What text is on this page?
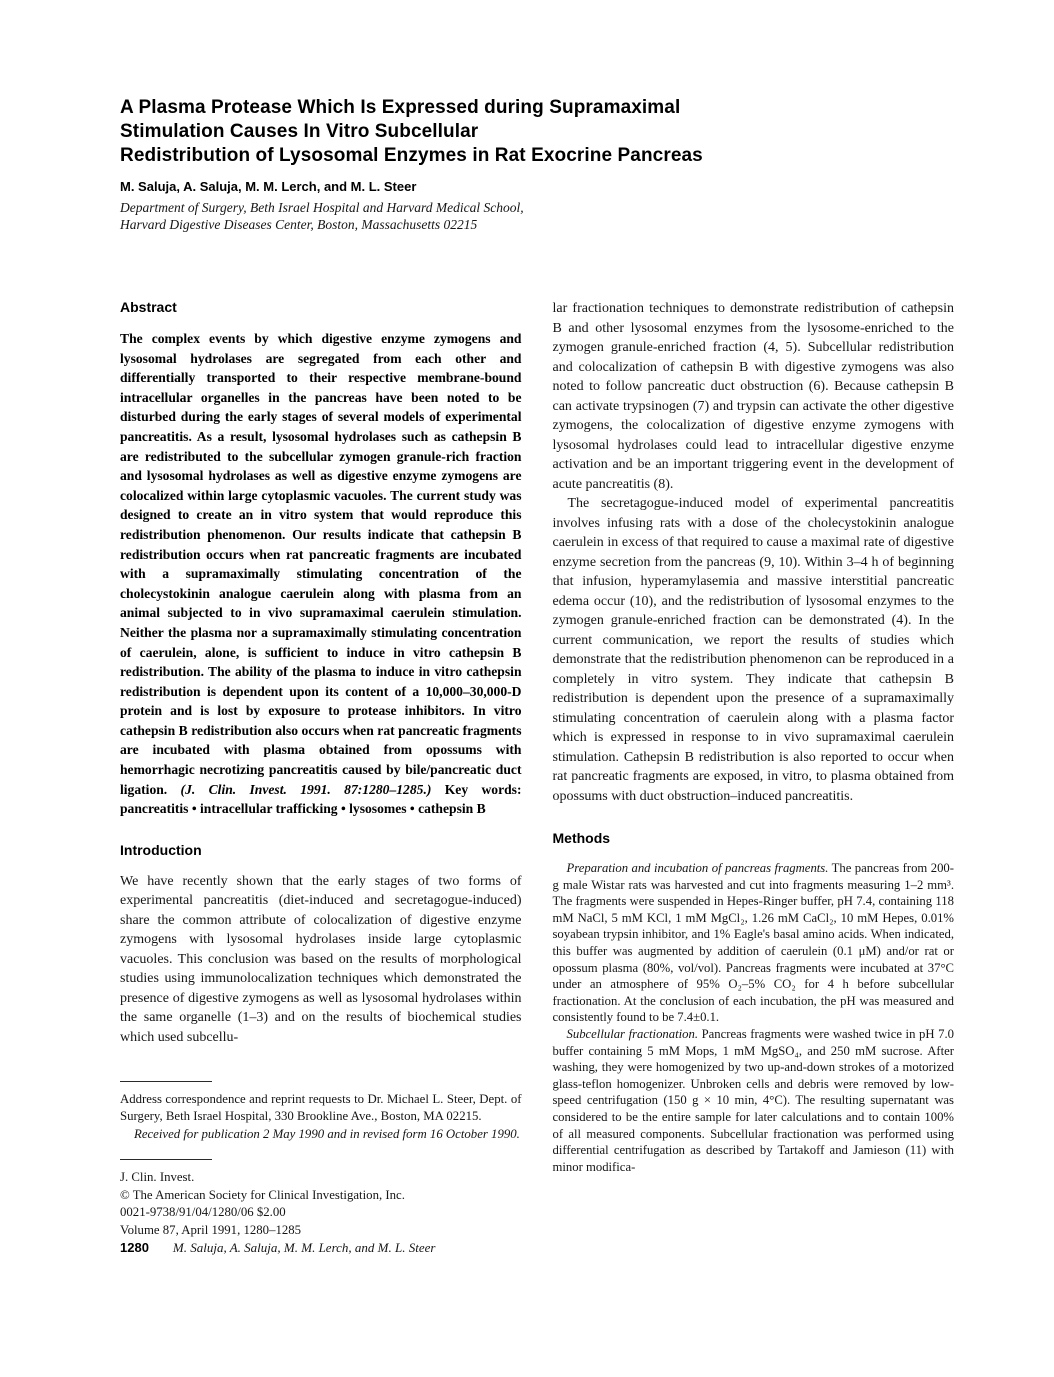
A Plasma Protease Which Is Expressed during Supramaximal
Stimulation Causes In Vitro Subcellular
Redistribution of Lysosomal Enzymes in Rat Exocrine Pancreas
M. Saluja, A. Saluja, M. M. Lerch, and M. L. Steer
Department of Surgery, Beth Israel Hospital and Harvard Medical School,
Harvard Digestive Diseases Center, Boston, Massachusetts 02215
Abstract

The complex events by which digestive enzyme zymogens and lysosomal hydrolases are segregated from each other and differentially transported to their respective membrane-bound intracellular organelles in the pancreas have been noted to be disturbed during the early stages of several models of experimental pancreatitis. As a result, lysosomal hydrolases such as cathepsin B are redistributed to the subcellular zymogen granule-rich fraction and lysosomal hydrolases as well as digestive enzyme zymogens are colocalized within large cytoplasmic vacuoles. The current study was designed to create an in vitro system that would reproduce this redistribution phenomenon. Our results indicate that cathepsin B redistribution occurs when rat pancreatic fragments are incubated with a supramaximally stimulating concentration of the cholecystokinin analogue caerulein along with plasma from an animal subjected to in vivo supramaximal caerulein stimulation. Neither the plasma nor a supramaximally stimulating concentration of caerulein, alone, is sufficient to induce in vitro cathepsin B redistribution. The ability of the plasma to induce in vitro cathepsin redistribution is dependent upon its content of a 10,000–30,000-D protein and is lost by exposure to protease inhibitors. In vitro cathepsin B redistribution also occurs when rat pancreatic fragments are incubated with plasma obtained from opossums with hemorrhagic necrotizing pancreatitis caused by bile/pancreatic duct ligation. (J. Clin. Invest. 1991. 87:1280–1285.) Key words: pancreatitis • intracellular trafficking • lysosomes • cathepsin B

Introduction

We have recently shown that the early stages of two forms of experimental pancreatitis (diet-induced and secretagogue-induced) share the common attribute of colocalization of digestive enzyme zymogens with lysosomal hydrolases inside large cytoplasmic vacuoles. This conclusion was based on the results of morphological studies using immunolocalization techniques which demonstrated the presence of digestive zymogens as well as lysosomal hydrolases within the same organelle (1–3) and on the results of biochemical studies which used subcellu-

Address correspondence and reprint requests to Dr. Michael L. Steer, Dept. of Surgery, Beth Israel Hospital, 330 Brookline Ave., Boston, MA 02215.

Received for publication 2 May 1990 and in revised form 16 October 1990.

J. Clin. Invest.
© The American Society for Clinical Investigation, Inc.
0021-9738/91/04/1280/06 $2.00
Volume 87, April 1991, 1280–1285

lar fractionation techniques to demonstrate redistribution of cathepsin B and other lysosomal enzymes from the lysosome-enriched to the zymogen granule-enriched fraction (4, 5). Subcellular redistribution and colocalization of cathepsin B with digestive zymogens was also noted to follow pancreatic duct obstruction (6). Because cathepsin B can activate trypsinogen (7) and trypsin can activate the other digestive zymogens, the colocalization of digestive enzyme zymogens with lysosomal hydrolases could lead to intracellular digestive enzyme activation and be an important triggering event in the development of acute pancreatitis (8).

The secretagogue-induced model of experimental pancreatitis involves infusing rats with a dose of the cholecystokinin analogue caerulein in excess of that required to cause a maximal rate of digestive enzyme secretion from the pancreas (9, 10). Within 3–4 h of beginning that infusion, hyperamylasemia and massive interstitial pancreatic edema occur (10), and the redistribution of lysosomal enzymes to the zymogen granule-enriched fraction can be demonstrated (4). In the current communication, we report the results of studies which demonstrate that the redistribution phenomenon can be reproduced in a completely in vitro system. They indicate that cathepsin B redistribution is dependent upon the presence of a supramaximally stimulating concentration of caerulein along with a plasma factor which is expressed in response to in vivo supramaximal caerulein stimulation. Cathepsin B redistribution is also reported to occur when rat pancreatic fragments are exposed, in vitro, to plasma obtained from opossums with duct obstruction–induced pancreatitis.

Methods

Preparation and incubation of pancreas fragments. The pancreas from 200-g male Wistar rats was harvested and cut into fragments measuring 1–2 mm³. The fragments were suspended in Hepes-Ringer buffer, pH 7.4, containing 118 mM NaCl, 5 mM KCl, 1 mM MgCl₂, 1.26 mM CaCl₂, 10 mM Hepes, 0.01% soyabean trypsin inhibitor, and 1% Eagle's basal amino acids. When indicated, this buffer was augmented by addition of caerulein (0.1 μM) and/or rat or opossum plasma (80%, vol/vol). Pancreas fragments were incubated at 37°C under an atmosphere of 95% O₂–5% CO₂ for 4 h before subcellular fractionation. At the conclusion of each incubation, the pH was measured and consistently found to be 7.4±0.1.

Subcellular fractionation. Pancreas fragments were washed twice in pH 7.0 buffer containing 5 mM Mops, 1 mM MgSO₄, and 250 mM sucrose. After washing, they were homogenized by two up-and-down strokes of a motorized glass-teflon homogenizer. Unbroken cells and debris were removed by low-speed centrifugation (150 g × 10 min, 4°C). The resulting supernatant was considered to be the entire sample for later calculations and to contain 100% of all measured components. Subcellular fractionation was performed using differential centrifugation as described by Tartakoff and Jamieson (11) with minor modifica-

1280 M. Saluja, A. Saluja, M. M. Lerch, and M. L. Steer
